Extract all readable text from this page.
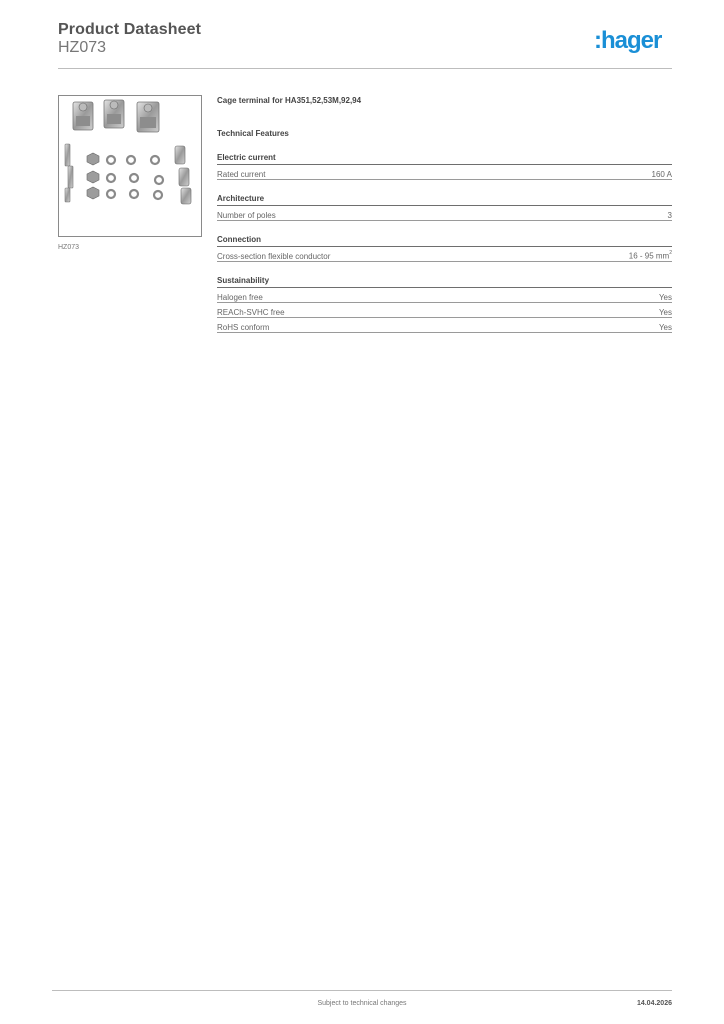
Product Datasheet
HZ073	:hager
HZ073
Cage terminal for HA351,52,53M,92,94
Technical Features
Electric current
Rated current	160 A
Architecture
Number of poles	3
Connection
Cross-section flexible conductor	16 - 95 $mm^2$
Sustainability
Halogen free	Yes
REACh-SVHC free	Yes
RoHS conform	Yes
Subject to technical changes	14.04.2026
